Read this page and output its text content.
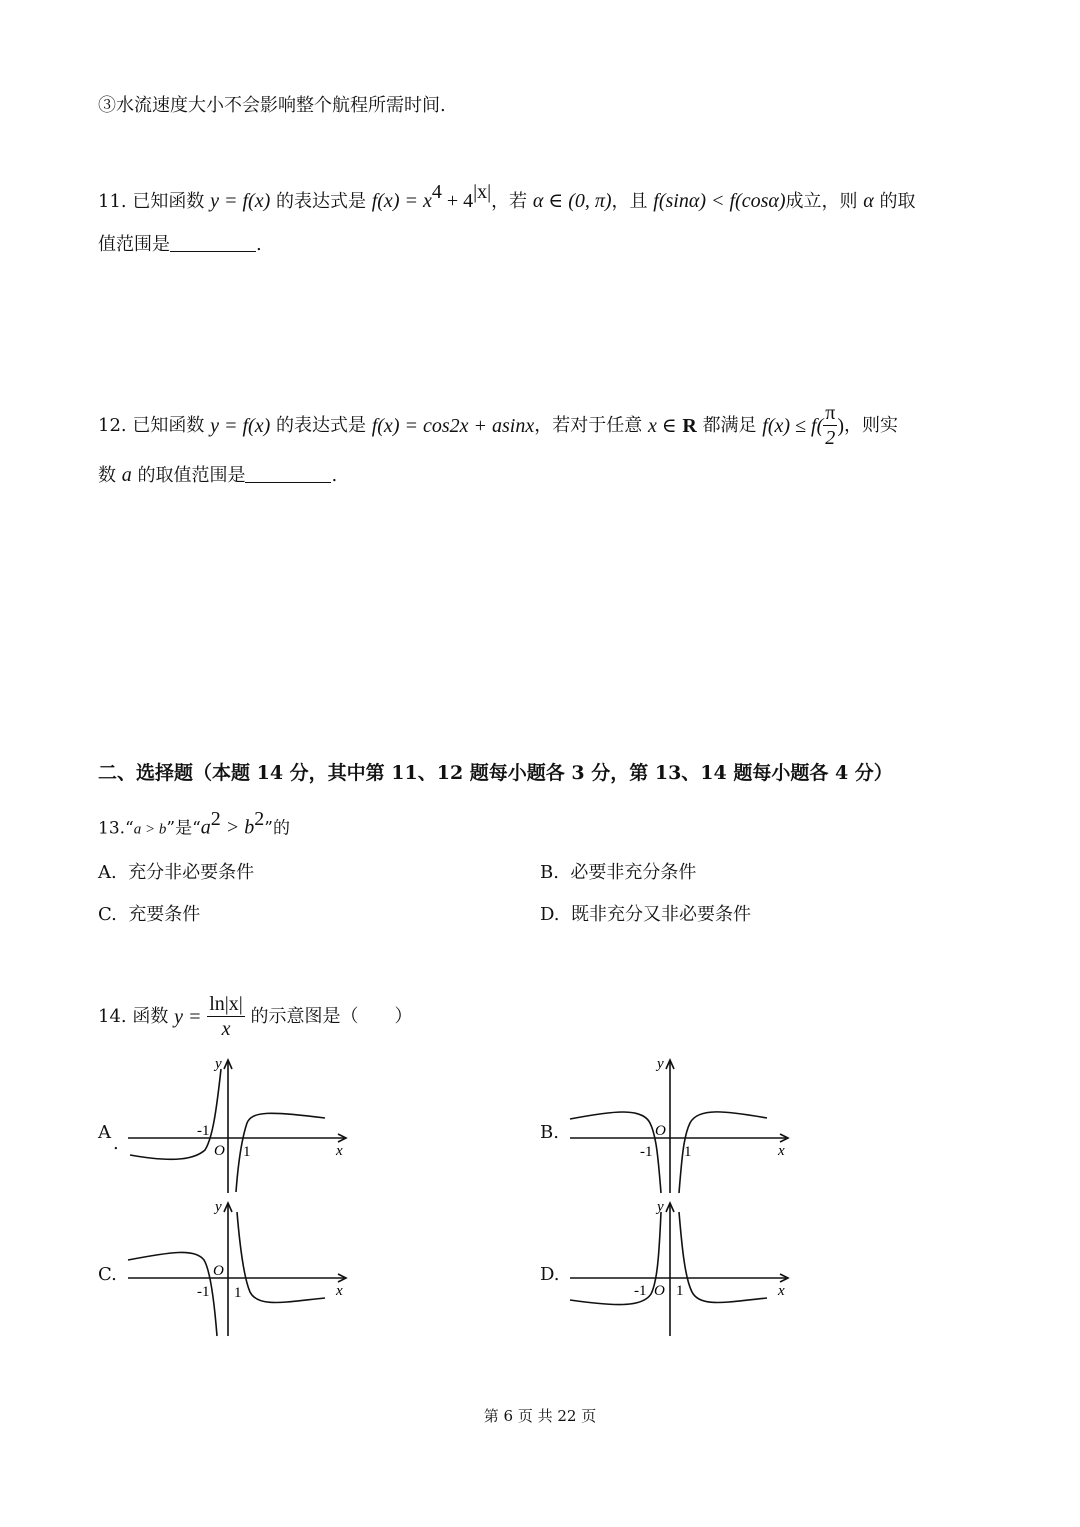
③水流速度大小不会影响整个航程所需时间.
11. 已知函数 y = f(x) 的表达式是 $f(x) = x^4 + 4^{|x|}$，若 α ∈ (0, π)，且 f(sinα) < f(cosα)成立，则 α 的取
值范围是	.
12.
已知函数
y = f(x)
的表达式是
f(x) = cos2x + asinx ，若对于任意
x ∈
R
都满足
$f(x) \le f( \frac{\pi}{2}$ ) ，则实
数 a 的取值范围是	.
二、选择题（本题 14 分，其中第 11、12 题每小题各 3 分，第 13、14 题每小题各 4 分）
13.“a > b”是“$a^2 > b^2$”的
A. 充分非必要条件	B. 必要非充分条件
C. 充要条件	D. 既非充分又非必要条件
14.
函数
y =
$\frac{\ln|x|}{x}$
的示意图是（　　）
A
.
y
x
O
-1
1
B.
y
x
O
-1 1
C.
y
x
O
-1 1
D.
y
x
O
-1 1
第 6 页 共 22 页
